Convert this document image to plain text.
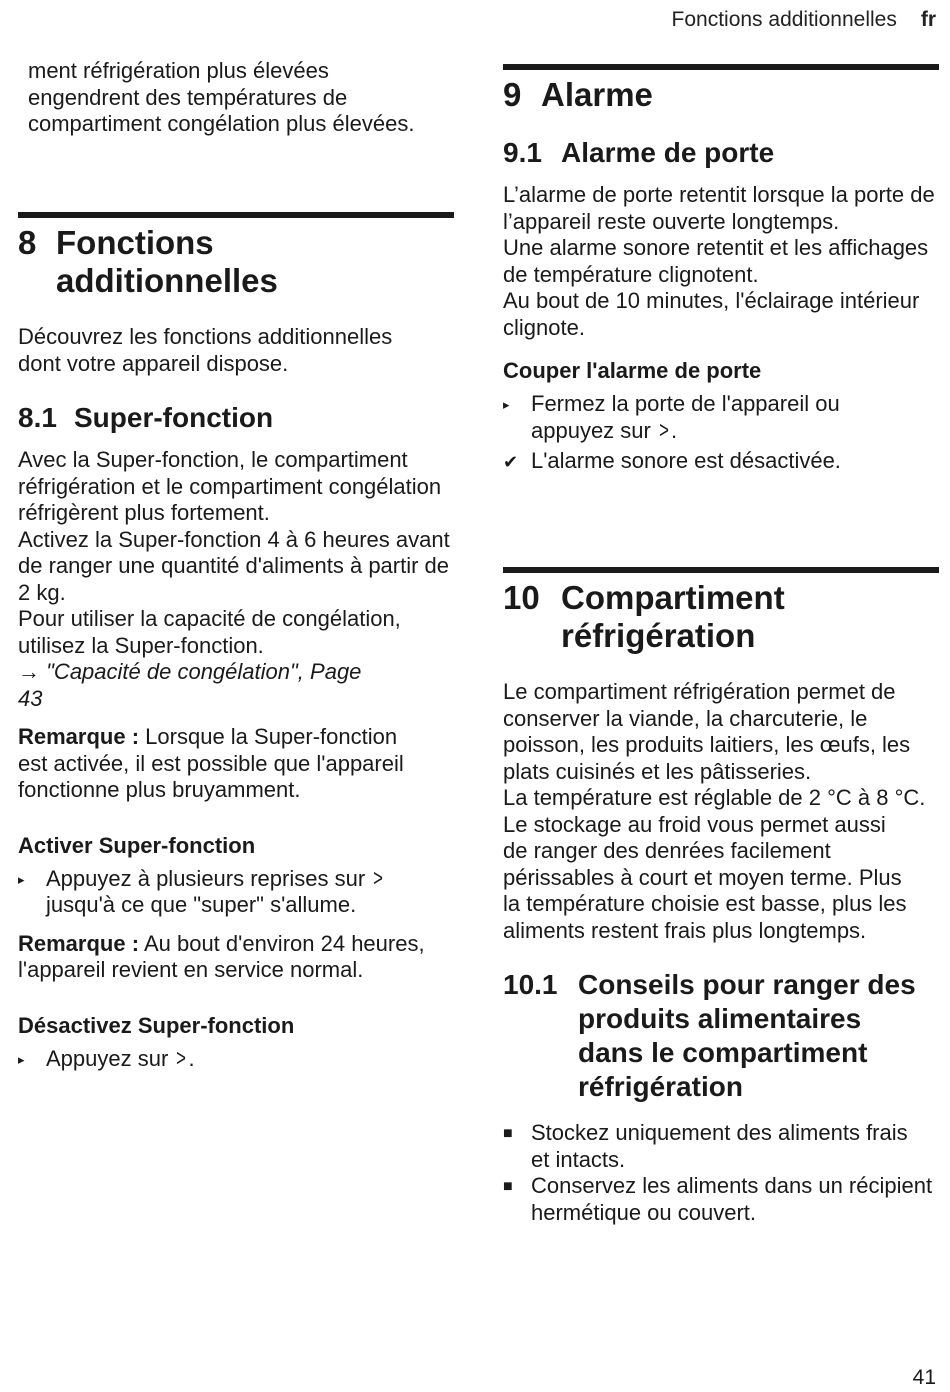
Fonctions additionnelles fr

ment réfrigération plus élevées engendrent des températures de compartiment congélation plus élevées.

8 Fonctions additionnelles

Découvrez les fonctions additionnelles dont votre appareil dispose.

8.1 Super-fonction

Avec la Super-fonction, le compartiment réfrigération et le compartiment congélation réfrigèrent plus fortement.

Activez la Super-fonction 4 à 6 heures avant de ranger une quantité d'aliments à partir de 2 kg.

Pour utiliser la capacité de congélation, utilisez la Super-fonction.

→ "Capacité de congélation", Page 43

Remarque : Lorsque la Super-fonction est activée, il est possible que l'appareil fonctionne plus bruyamment.

Activer Super-fonction
▸ Appuyez à plusieurs reprises sur > jusqu'à ce que "super" s'allume.

Remarque : Au bout d'environ 24 heures, l'appareil revient en service normal.

Désactivez Super-fonction
▸ Appuyez sur >.
9 Alarme
9.1 Alarme de porte

L’alarme de porte retentit lorsque la porte de l’appareil reste ouverte longtemps.

Une alarme sonore retentit et les affichages de température clignotent.

Au bout de 10 minutes, l'éclairage intérieur clignote.

Couper l'alarme de porte
▸ Fermez la porte de l'appareil ou appuyez sur >.
✔ L'alarme sonore est désactivée.
10 Compartiment réfrigération

Le compartiment réfrigération permet de conserver la viande, la charcuterie, le poisson, les produits laitiers, les œufs, les plats cuisinés et les pâtisseries.

La température est réglable de 2 °C à 8 °C.

Le stockage au froid vous permet aussi de ranger des denrées facilement périssables à court et moyen terme. Plus la température choisie est basse, plus les aliments restent frais plus longtemps.

10.1 Conseils pour ranger des produits alimentaires dans le compartiment réfrigération
■ Stockez uniquement des aliments frais et intacts.
■ Conservez les aliments dans un récipient hermétique ou couvert.
41
